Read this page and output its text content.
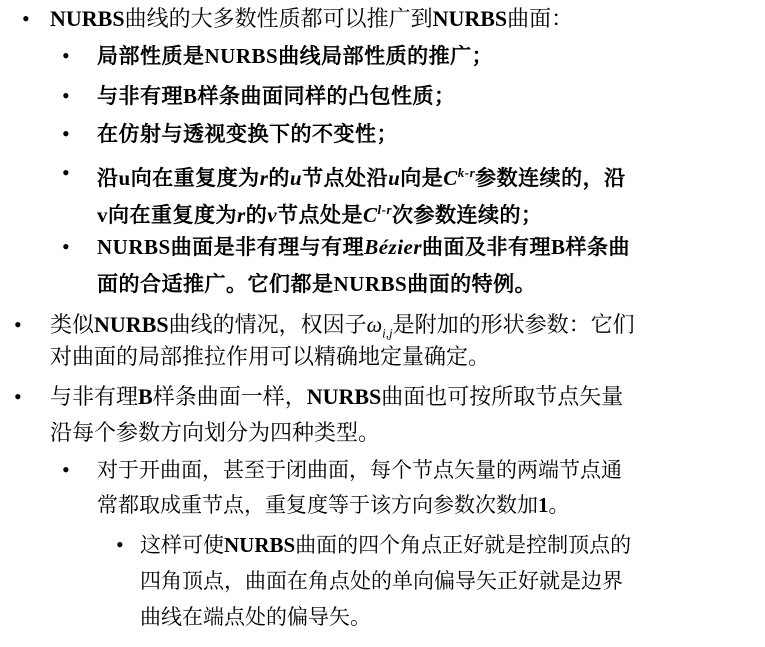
• NURBS曲线的大多数性质都可以推广到NURBS曲面：
• 局部性质是NURBS曲线局部性质的推广；
• 与非有理B样条曲面同样的凸包性质；
• 在仿射与透视变换下的不变性；
• 沿u向在重复度为r的u节点处沿u向是$C^{k-r}$参数连续的，沿
v向在重复度为r的v节点处是$C^{l-r}$次参数连续的；
• NURBS曲面是非有理与有理Bézier曲面及非有理B样条曲
面的合适推广。它们都是NURBS曲面的特例。
• 类似NURBS曲线的情况，权因子$\omega_{i,j}$是附加的形状参数：它们
对曲面的局部推拉作用可以精确地定量确定。
• 与非有理B样条曲面一样，NURBS曲面也可按所取节点矢量
沿每个参数方向划分为四种类型。
• 对于开曲面，甚至于闭曲面，每个节点矢量的两端节点通
常都取成重节点，重复度等于该方向参数次数加1。
• 这样可使NURBS曲面的四个角点正好就是控制顶点的
四角顶点，曲面在角点处的单向偏导矢正好就是边界
曲线在端点处的偏导矢。
